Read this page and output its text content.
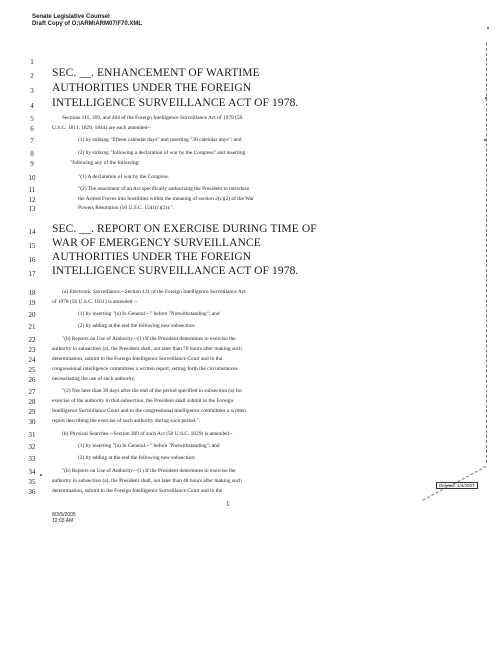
Senate Legislative Counsel
Draft Copy of O:\ARM\ARM07\F70.XML
1
2	SEC. __. ENHANCEMENT OF WARTIME
3	AUTHORITIES UNDER THE FOREIGN
4	INTELLIGENCE SURVEILLANCE ACT OF 1978.
5	Sections 111, 309, and 404 of the Foreign Intelligence Surveillance Act of 1978 (50
6	U.S.C. 1811, 1829, 1844) are each amended--
7	(1) by striking "fifteen calendar days" and inserting "30 calendar days"; and
8	(2) by striking "following a declaration of war by the Congress" and inserting
9	"following any of the following:
10	"(1) A declaration of war by the Congress.
11	"(2) The enactment of an Act specifically authorizing the President to introduce
12	the Armed Forces into hostilities within the meaning of section 2(c)(2) of the War
13	Powers Resolution (50 U.S.C. 1541(c)(2)).".
14	SEC. __. REPORT ON EXERCISE DURING TIME OF
15	WAR OF EMERGENCY SURVEILLANCE
16	AUTHORITIES UNDER THE FOREIGN
17	INTELLIGENCE SURVEILLANCE ACT OF 1978.
18	(a) Electronic Surveillance.--Section 111 of the Foreign Intelligence Surveillance Act
19	of 1978 (50 U.S.C. 1811) is amended --
20	(1) by inserting "(a) In General.--" before "Notwithstanding"; and
21	(2) by adding at the end the following new subsection:
22	"(b) Reports on Use of Authority.--(1) If the President determines to exercise the
23	authority in subsection (a), the President shall, not later than 78 hours after making such
24	determination, submit to the Foreign Intelligence Surveillance Court and to the
25	congressional intelligence committees a written report, setting forth the circumstances
26	necessitating the use of such authority.
27	"(2) Not later than 30 days after the end of the period specified in subsection (a) for
28	exercise of the authority in that subsection, the President shall submit to the Foreign
29	Intelligence Surveillance Court and to the congressional intelligence committees a written
30	report describing the exercise of such authority during such period.".
31	(b) Physical Searches.--Section 309 of such Act (50 U.S.C. 1829) is amended--
32	(1) by inserting "(a) In General.--" before "Notwithstanding"; and
33	(2) by adding at the end the following new subsection:
34	"(b) Reports on Use of Authority.--(1) If the President determines to exercise the
35	authority in subsection (a), the President shall, not later than 48 hours after making such
36	determination, submit to the Foreign Intelligence Surveillance Court and to the
1
8/3/5/2005
12:03 AM
Deleted: 1/4/2007
